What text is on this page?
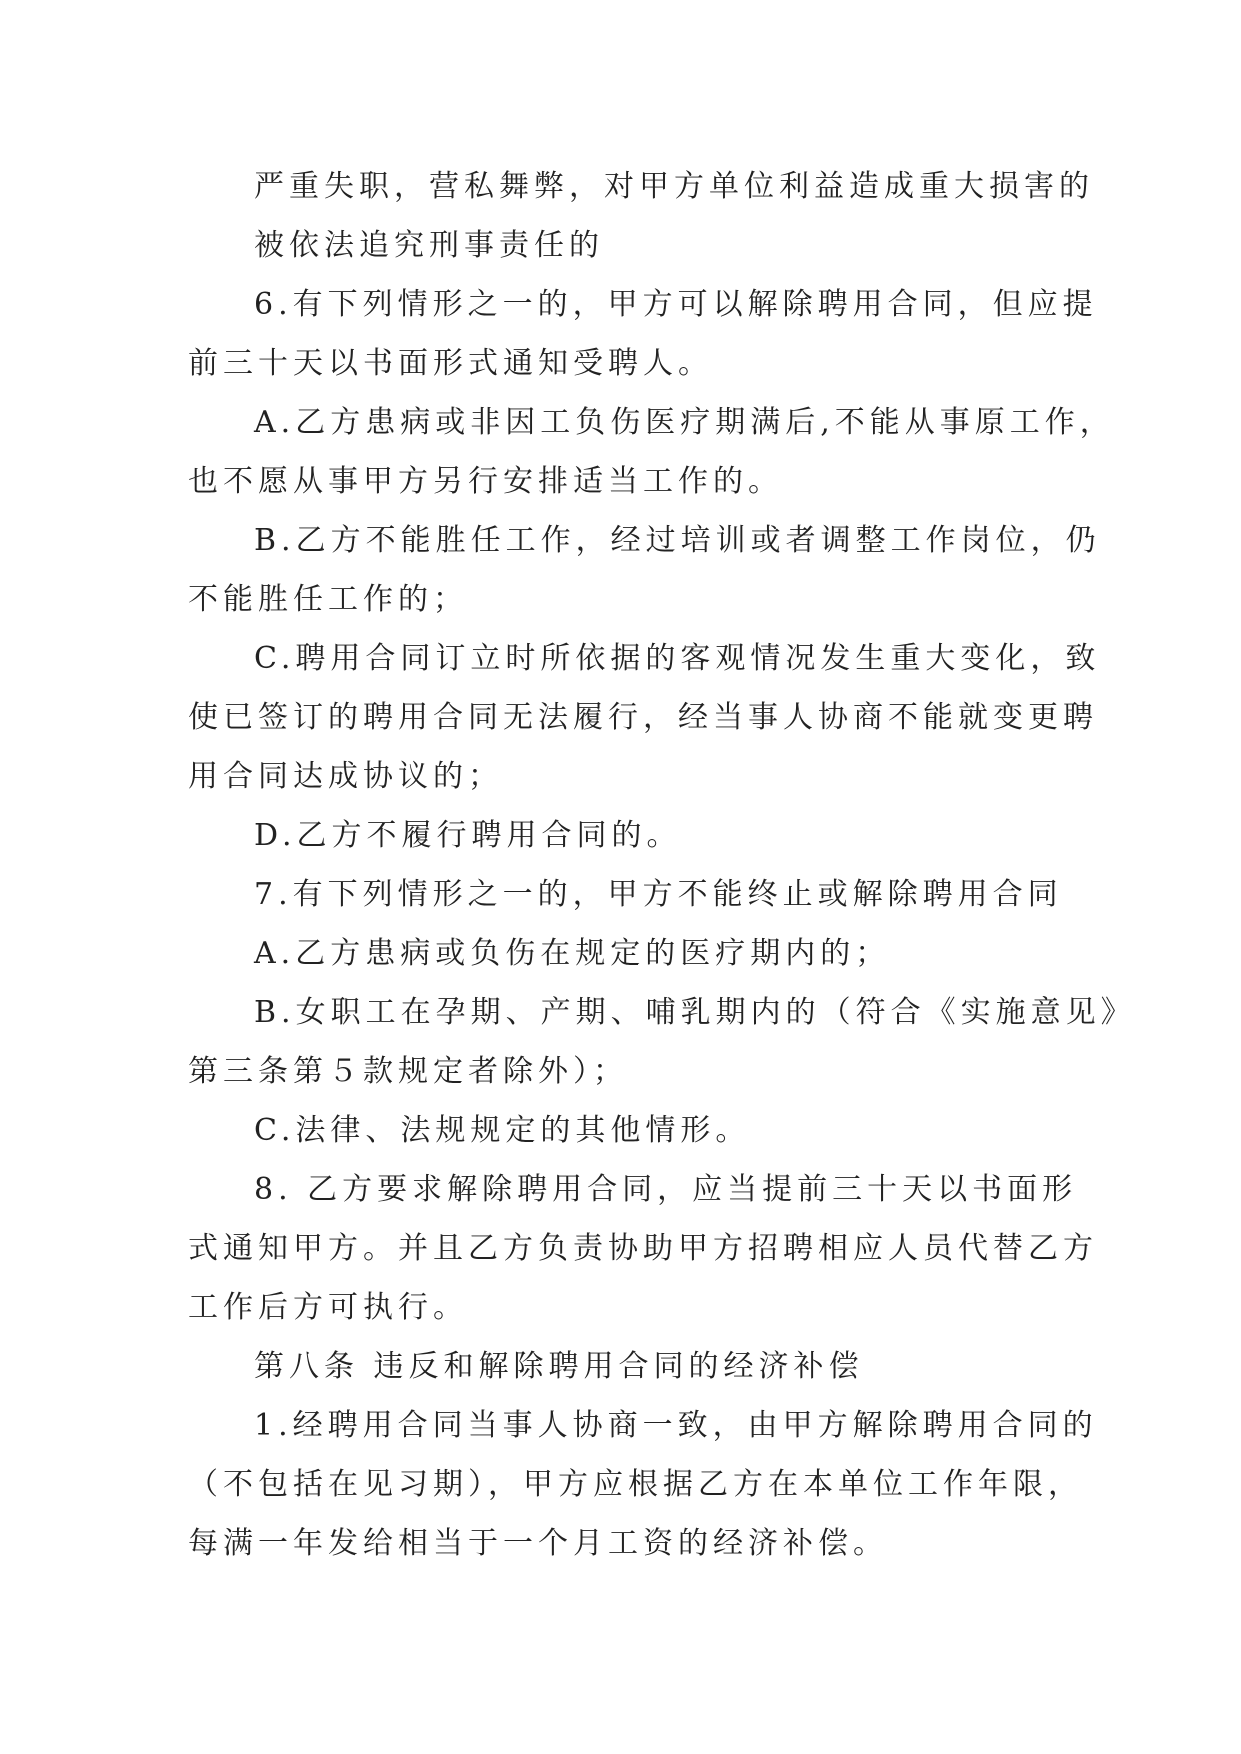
严重失职，营私舞弊，对甲方单位利益造成重大损害的

被依法追究刑事责任的

6.有下列情形之一的，甲方可以解除聘用合同，但应提

前三十天以书面形式通知受聘人。

A.乙方患病或非因工负伤医疗期满后,不能从事原工作，

也不愿从事甲方另行安排适当工作的。

B.乙方不能胜任工作，经过培训或者调整工作岗位，仍

不能胜任工作的；

C.聘用合同订立时所依据的客观情况发生重大变化，致

使已签订的聘用合同无法履行，经当事人协商不能就变更聘

用合同达成协议的；

D.乙方不履行聘用合同的。

7.有下列情形之一的，甲方不能终止或解除聘用合同

A.乙方患病或负伤在规定的医疗期内的；

B.女职工在孕期、产期、哺乳期内的（符合《实施意见》

第三条第５款规定者除外）；

C.法律、法规规定的其他情形。

8. 乙方要求解除聘用合同，应当提前三十天以书面形

式通知甲方。并且乙方负责协助甲方招聘相应人员代替乙方

工作后方可执行。

第八条 违反和解除聘用合同的经济补偿

1.经聘用合同当事人协商一致，由甲方解除聘用合同的

（不包括在见习期），甲方应根据乙方在本单位工作年限，

每满一年发给相当于一个月工资的经济补偿。
